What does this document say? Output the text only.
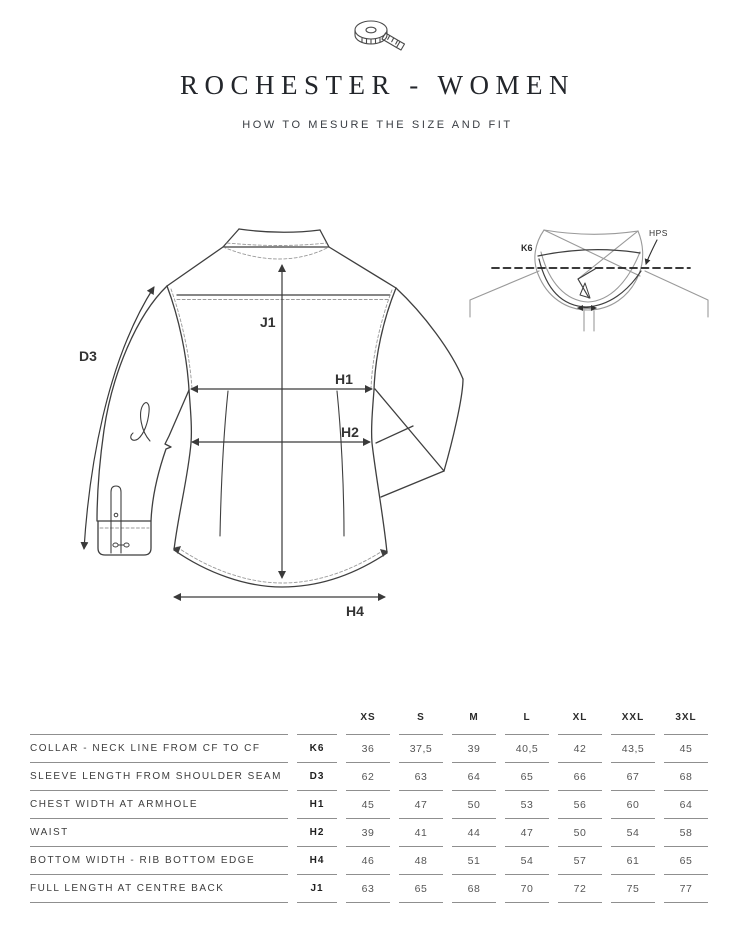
J1
H1
H2
H4
D3
K6
HPS
ROCHESTER - WOMEN
HOW TO MESURE THE SIZE AND FIT
		XS	S	M	L	XL	XXL	3XL
COLLAR - NECK LINE FROM CF TO CF	K6	36	37,5	39	40,5	42	43,5	45
SLEEVE LENGTH FROM SHOULDER SEAM	D3	62	63	64	65	66	67	68
CHEST WIDTH AT ARMHOLE	H1	45	47	50	53	56	60	64
WAIST	H2	39	41	44	47	50	54	58
BOTTOM WIDTH - RIB BOTTOM EDGE	H4	46	48	51	54	57	61	65
FULL LENGTH AT CENTRE BACK	J1	63	65	68	70	72	75	77
